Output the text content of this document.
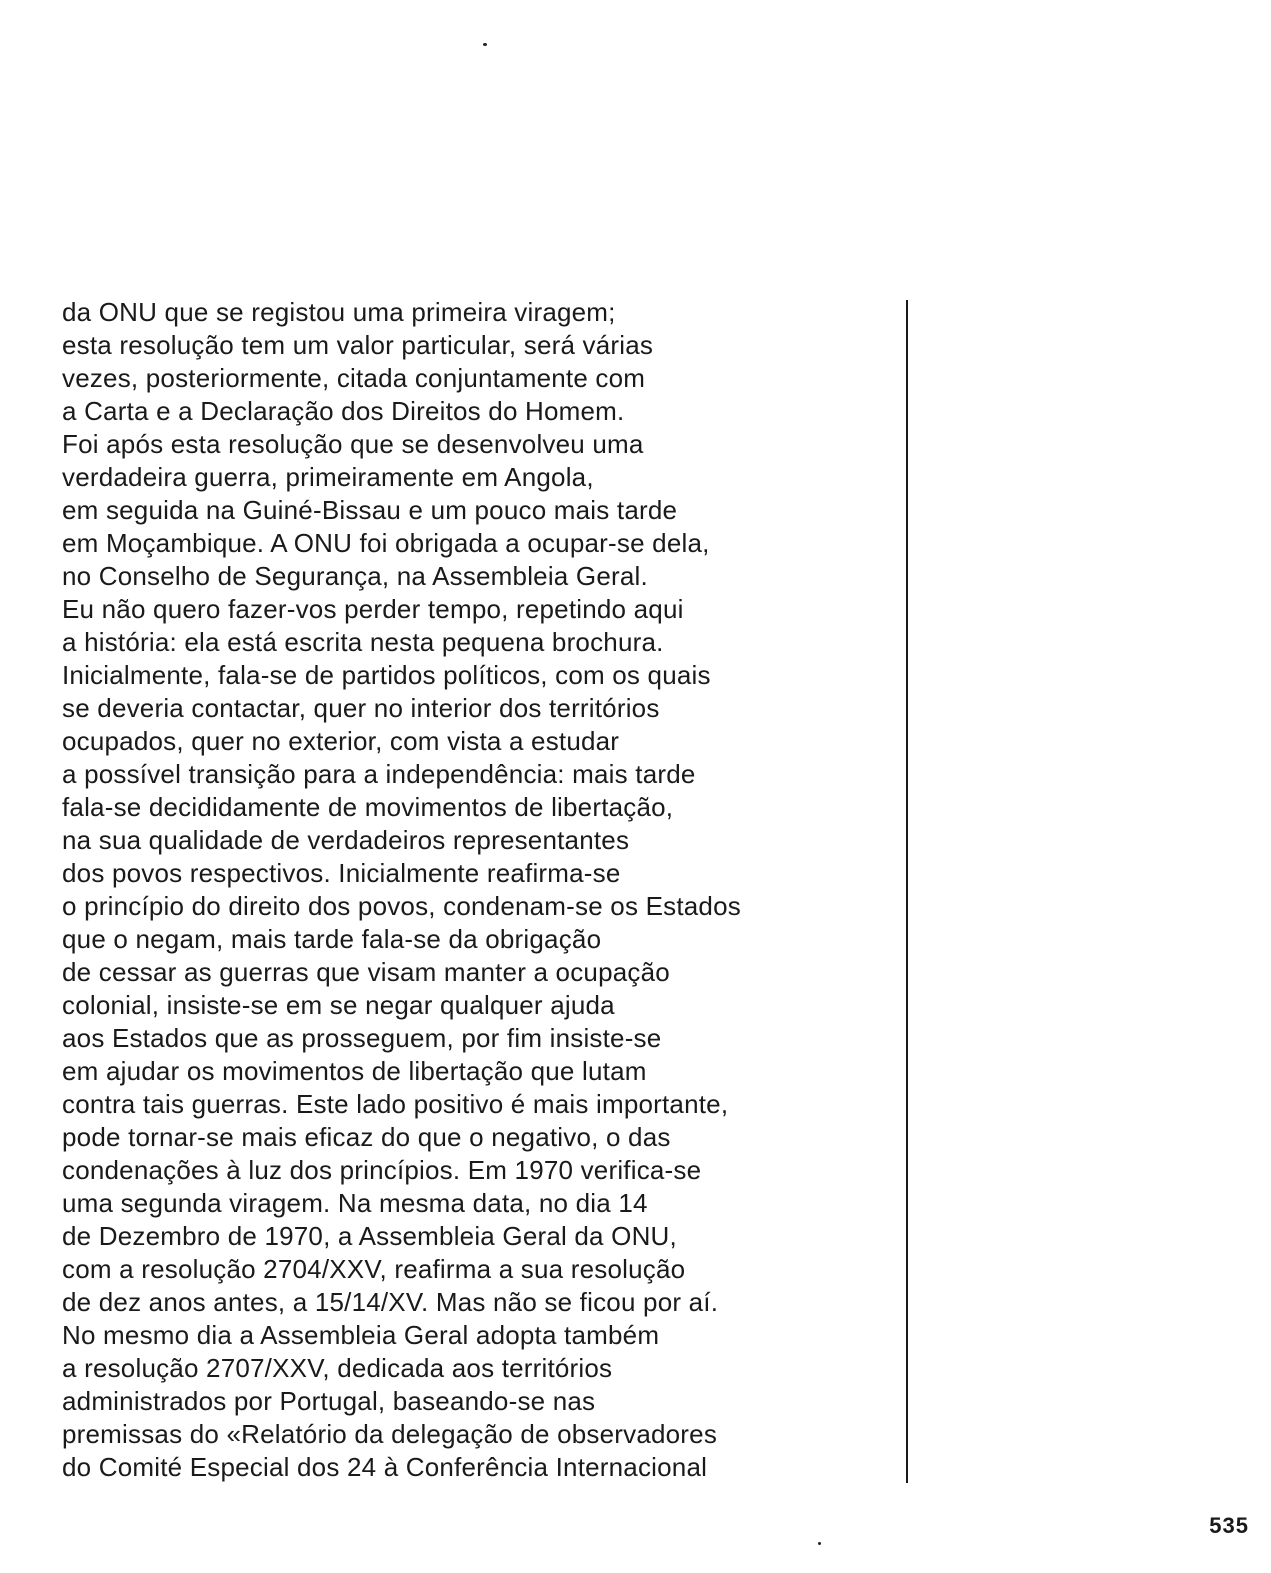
da ONU que se registou uma primeira viragem;
esta resolução tem um valor particular, será várias
vezes, posteriormente, citada conjuntamente com
a Carta e a Declaração dos Direitos do Homem.
Foi após esta resolução que se desenvolveu uma
verdadeira guerra, primeiramente em Angola,
em seguida na Guiné-Bissau e um pouco mais tarde
em Moçambique. A ONU foi obrigada a ocupar-se dela,
no Conselho de Segurança, na Assembleia Geral.
Eu não quero fazer-vos perder tempo, repetindo aqui
a história: ela está escrita nesta pequena brochura.
Inicialmente, fala-se de partidos políticos, com os quais
se deveria contactar, quer no interior dos territórios
ocupados, quer no exterior, com vista a estudar
a possível transição para a independência: mais tarde
fala-se decididamente de movimentos de libertação,
na sua qualidade de verdadeiros representantes
dos povos respectivos. Inicialmente reafirma-se
o princípio do direito dos povos, condenam-se os Estados
que o negam, mais tarde fala-se da obrigação
de cessar as guerras que visam manter a ocupação
colonial, insiste-se em se negar qualquer ajuda
aos Estados que as prosseguem, por fim insiste-se
em ajudar os movimentos de libertação que lutam
contra tais guerras. Este lado positivo é mais importante,
pode tornar-se mais eficaz do que o negativo, o das
condenações à luz dos princípios. Em 1970 verifica-se
uma segunda viragem. Na mesma data, no dia 14
de Dezembro de 1970, a Assembleia Geral da ONU,
com a resolução 2704/XXV, reafirma a sua resolução
de dez anos antes, a 15/14/XV. Mas não se ficou por aí.
No mesmo dia a Assembleia Geral adopta também
a resolução 2707/XXV, dedicada aos territórios
administrados por Portugal, baseando-se nas
premissas do «Relatório da delegação de observadores
do Comité Especial dos 24 à Conferência Internacional
535
